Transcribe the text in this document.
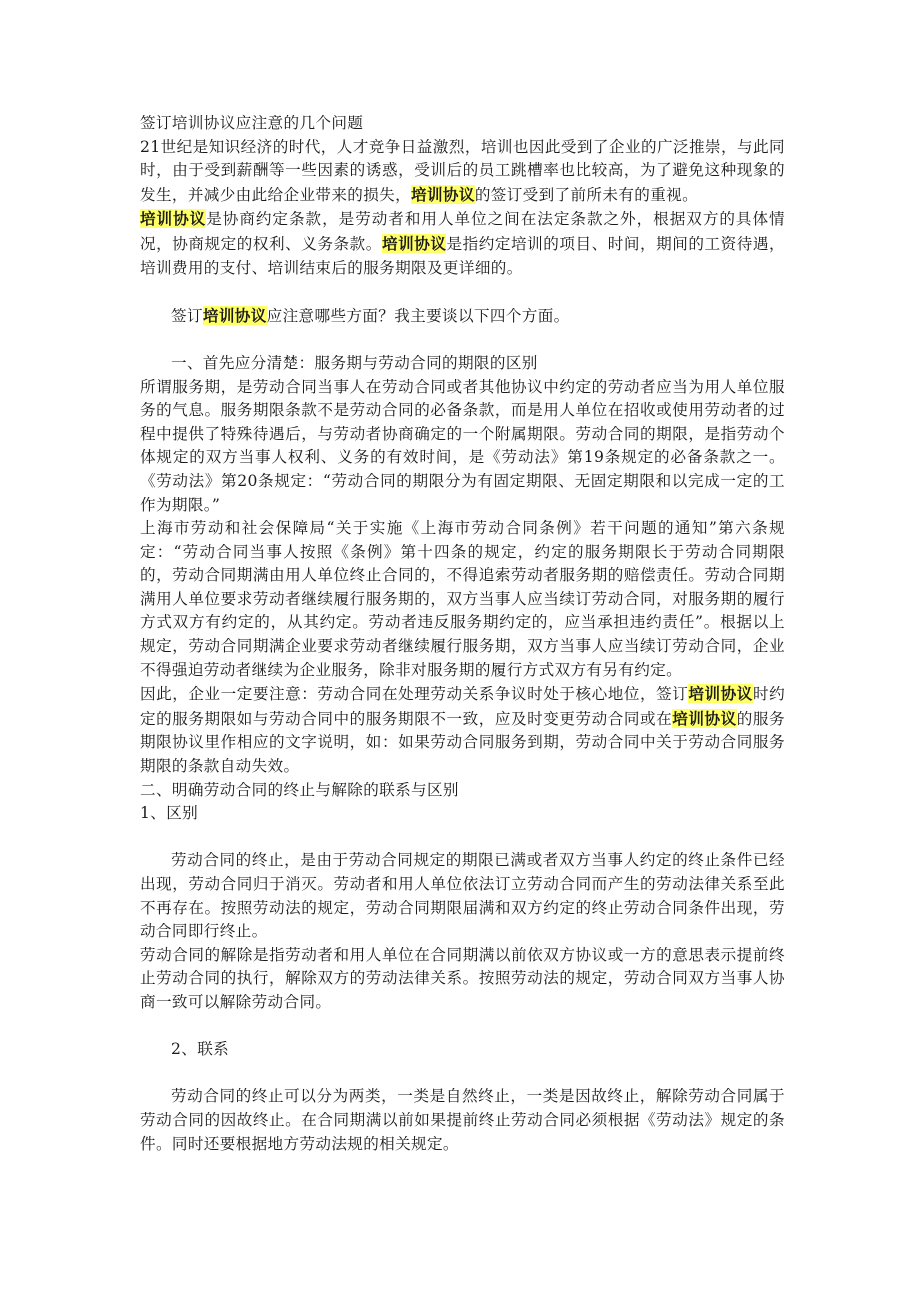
签订培训协议应注意的几个问题

21世纪是知识经济的时代，人才竞争日益激烈，培训也因此受到了企业的广泛推崇，与此同时，由于受到薪酬等一些因素的诱惑，受训后的员工跳槽率也比较高，为了避免这种现象的发生，并减少由此给企业带来的损失，培训协议的签订受到了前所未有的重视。

培训协议是协商约定条款，是劳动者和用人单位之间在法定条款之外，根据双方的具体情况，协商规定的权利、义务条款。培训协议是指约定培训的项目、时间，期间的工资待遇，培训费用的支付、培训结束后的服务期限及更详细的。

签订培训协议应注意哪些方面？我主要谈以下四个方面。

一、首先应分清楚：服务期与劳动合同的期限的区别

所谓服务期，是劳动合同当事人在劳动合同或者其他协议中约定的劳动者应当为用人单位服务的气息。服务期限条款不是劳动合同的必备条款，而是用人单位在招收或使用劳动者的过程中提供了特殊待遇后，与劳动者协商确定的一个附属期限。劳动合同的期限，是指劳动个体规定的双方当事人权利、义务的有效时间，是《劳动法》第19条规定的必备条款之一。《劳动法》第20条规定：“劳动合同的期限分为有固定期限、无固定期限和以完成一定的工作为期限。”

上海市劳动和社会保障局“关于实施《上海市劳动合同条例》若干问题的通知”第六条规定：“劳动合同当事人按照《条例》第十四条的规定，约定的服务期限长于劳动合同期限的，劳动合同期满由用人单位终止合同的，不得追索劳动者服务期的赔偿责任。劳动合同期满用人单位要求劳动者继续履行服务期的，双方当事人应当续订劳动合同，对服务期的履行方式双方有约定的，从其约定。劳动者违反服务期约定的，应当承担违约责任”。根据以上规定，劳动合同期满企业要求劳动者继续履行服务期，双方当事人应当续订劳动合同，企业不得强迫劳动者继续为企业服务，除非对服务期的履行方式双方有另有约定。

因此，企业一定要注意：劳动合同在处理劳动关系争议时处于核心地位，签订培训协议时约定的服务期限如与劳动合同中的服务期限不一致，应及时变更劳动合同或在培训协议的服务期限协议里作相应的文字说明，如：如果劳动合同服务到期，劳动合同中关于劳动合同服务期限的条款自动失效。

二、明确劳动合同的终止与解除的联系与区别

1、区别

劳动合同的终止，是由于劳动合同规定的期限已满或者双方当事人约定的终止条件已经出现，劳动合同归于消灭。劳动者和用人单位依法订立劳动合同而产生的劳动法律关系至此不再存在。按照劳动法的规定，劳动合同期限届满和双方约定的终止劳动合同条件出现，劳动合同即行终止。

劳动合同的解除是指劳动者和用人单位在合同期满以前依双方协议或一方的意思表示提前终止劳动合同的执行，解除双方的劳动法律关系。按照劳动法的规定，劳动合同双方当事人协商一致可以解除劳动合同。

2、联系

劳动合同的终止可以分为两类，一类是自然终止，一类是因故终止，解除劳动合同属于劳动合同的因故终止。在合同期满以前如果提前终止劳动合同必须根据《劳动法》规定的条件。同时还要根据地方劳动法规的相关规定。
